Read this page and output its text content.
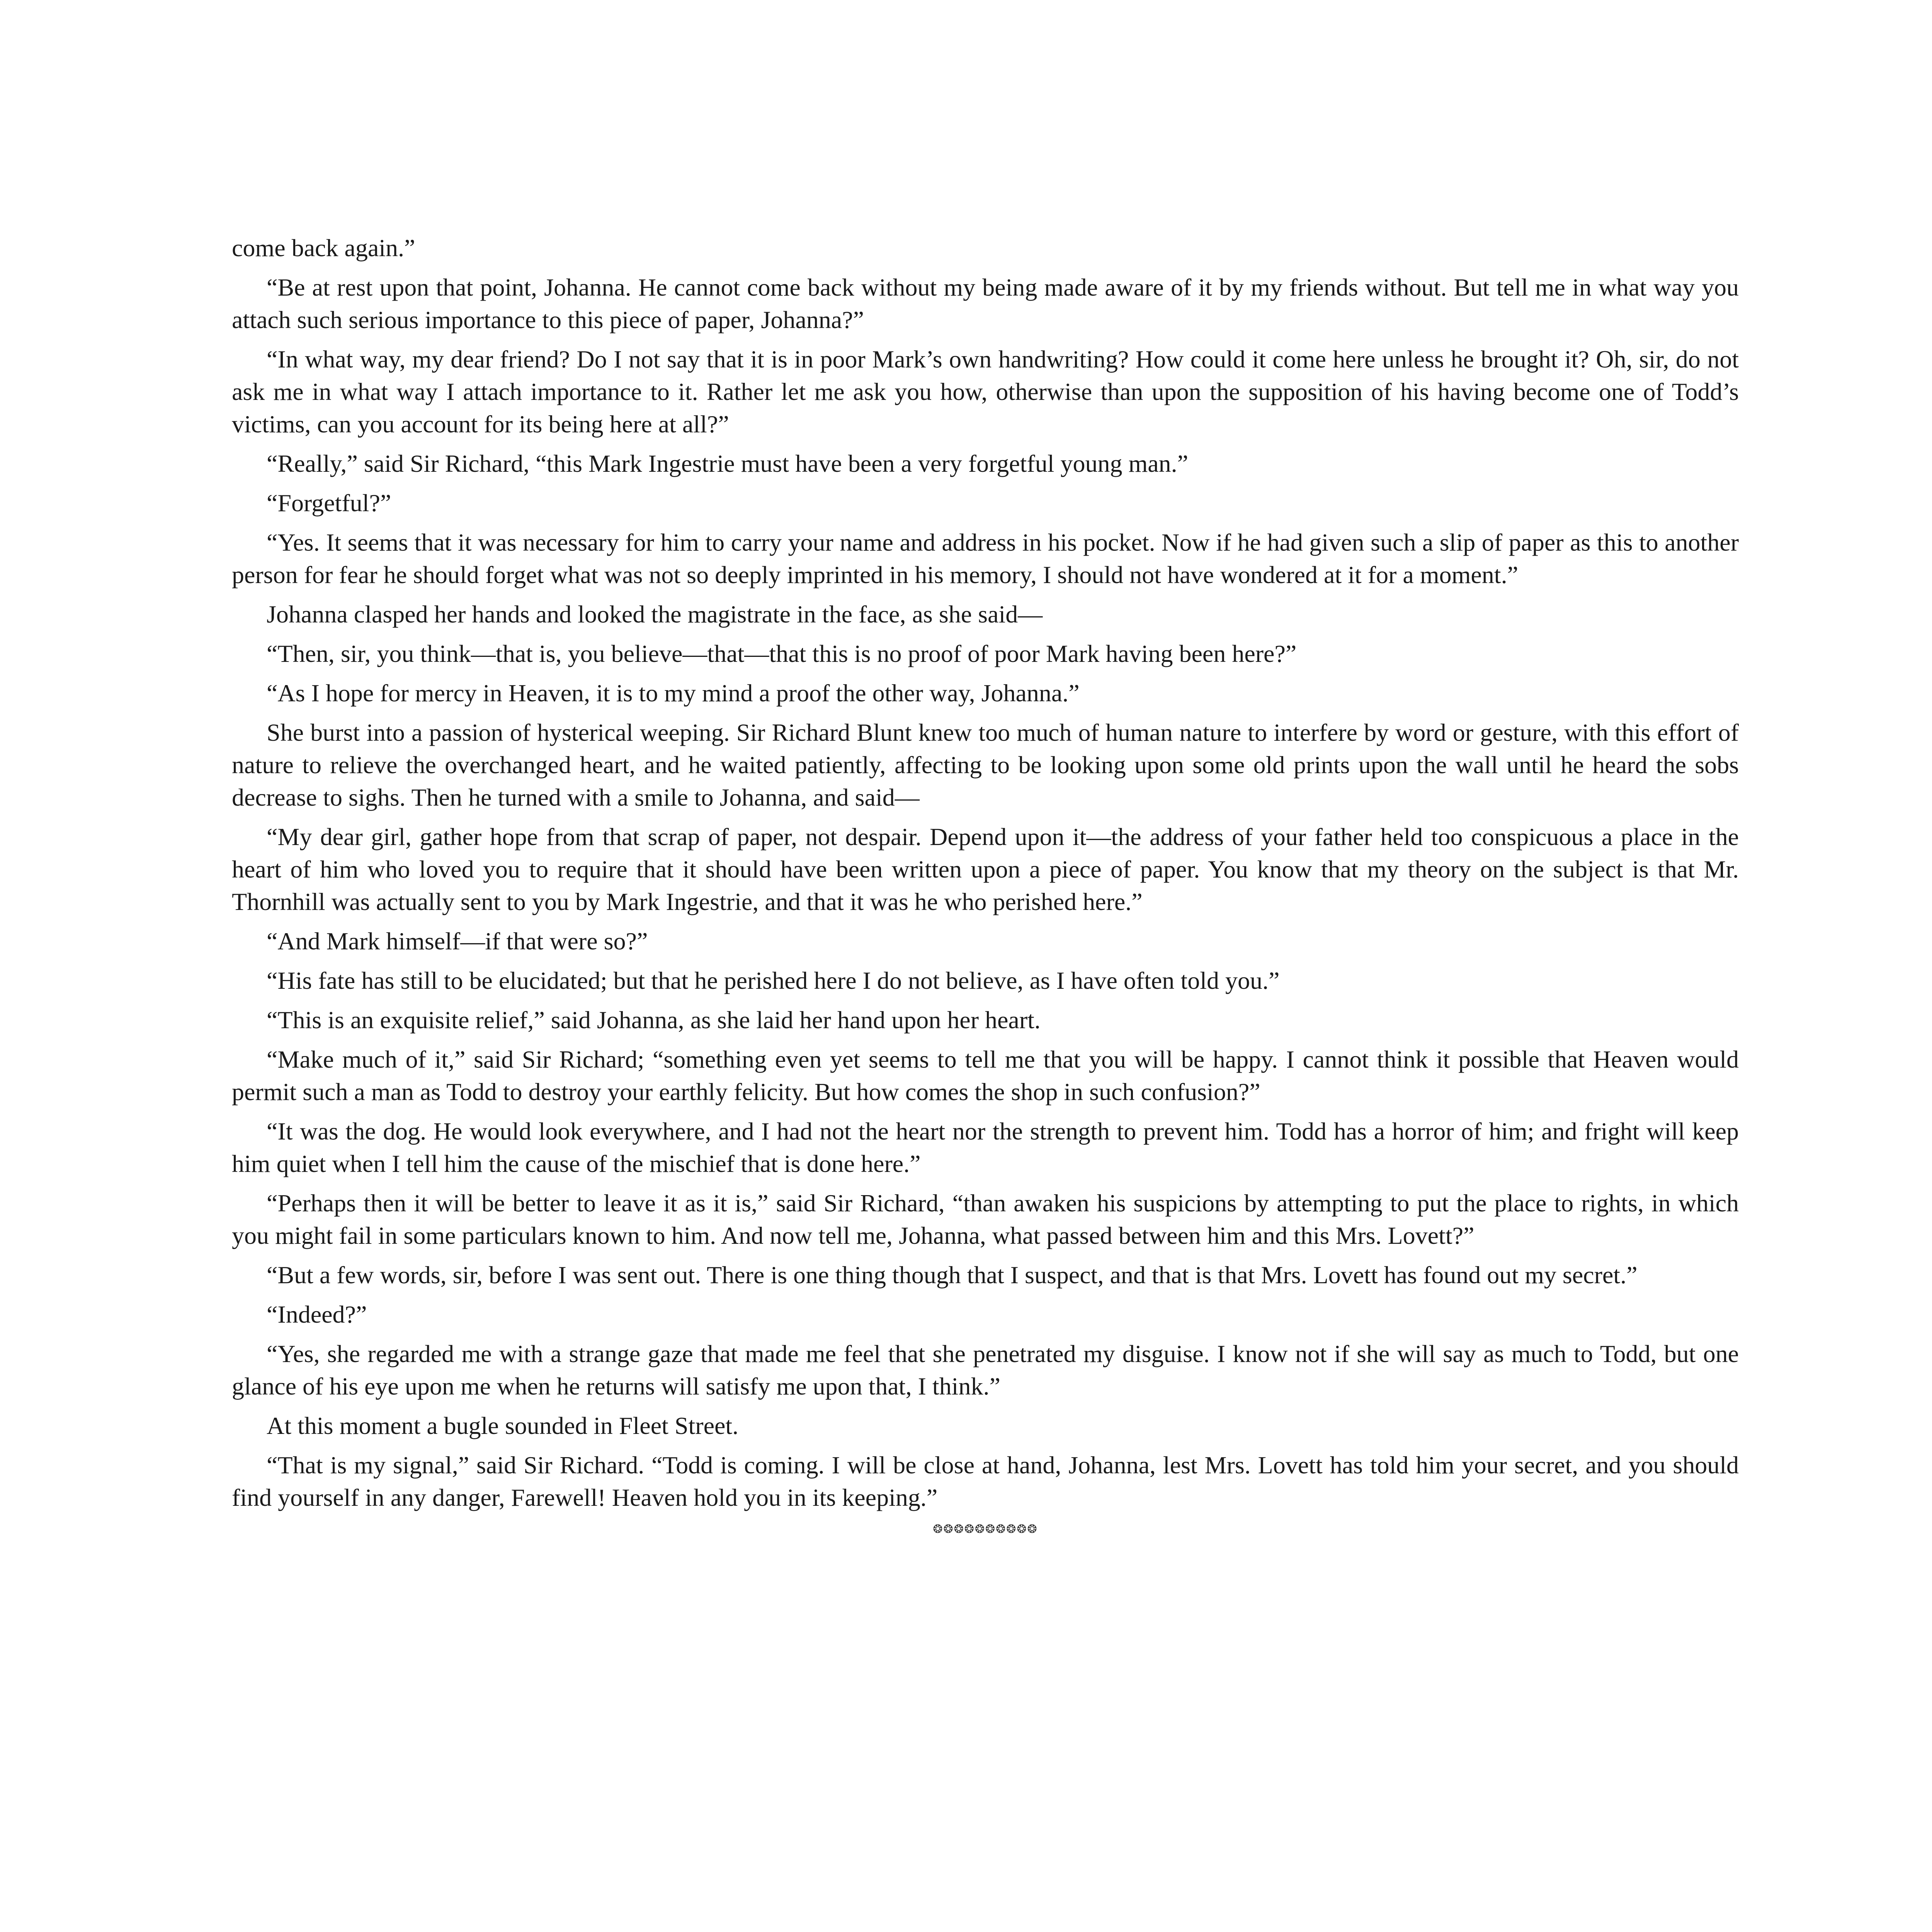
come back again.”

“Be at rest upon that point, Johanna. He cannot come back without my being made aware of it by my friends without. But tell me in what way you attach such serious importance to this piece of paper, Johanna?”

“In what way, my dear friend? Do I not say that it is in poor Mark’s own handwriting? How could it come here unless he brought it? Oh, sir, do not ask me in what way I attach importance to it. Rather let me ask you how, otherwise than upon the supposition of his having become one of Todd’s victims, can you account for its being here at all?”

“Really,” said Sir Richard, “this Mark Ingestrie must have been a very forgetful young man.”

“Forgetful?”

“Yes. It seems that it was necessary for him to carry your name and address in his pocket. Now if he had given such a slip of paper as this to another person for fear he should forget what was not so deeply imprinted in his memory, I should not have wondered at it for a moment.”

Johanna clasped her hands and looked the magistrate in the face, as she said—

“Then, sir, you think—that is, you believe—that—that this is no proof of poor Mark having been here?”

“As I hope for mercy in Heaven, it is to my mind a proof the other way, Johanna.”

She burst into a passion of hysterical weeping. Sir Richard Blunt knew too much of human nature to interfere by word or gesture, with this effort of nature to relieve the overchanged heart, and he waited patiently, affecting to be looking upon some old prints upon the wall until he heard the sobs decrease to sighs. Then he turned with a smile to Johanna, and said—

“My dear girl, gather hope from that scrap of paper, not despair. Depend upon it—the address of your father held too conspicuous a place in the heart of him who loved you to require that it should have been written upon a piece of paper. You know that my theory on the subject is that Mr. Thornhill was actually sent to you by Mark Ingestrie, and that it was he who perished here.”

“And Mark himself—if that were so?”

“His fate has still to be elucidated; but that he perished here I do not believe, as I have often told you.”

“This is an exquisite relief,” said Johanna, as she laid her hand upon her heart.

“Make much of it,” said Sir Richard; “something even yet seems to tell me that you will be happy. I cannot think it possible that Heaven would permit such a man as Todd to destroy your earthly felicity. But how comes the shop in such confusion?”

“It was the dog. He would look everywhere, and I had not the heart nor the strength to prevent him. Todd has a horror of him; and fright will keep him quiet when I tell him the cause of the mischief that is done here.”

“Perhaps then it will be better to leave it as it is,” said Sir Richard, “than awaken his suspicions by attempting to put the place to rights, in which you might fail in some particulars known to him. And now tell me, Johanna, what passed between him and this Mrs. Lovett?”

“But a few words, sir, before I was sent out. There is one thing though that I suspect, and that is that Mrs. Lovett has found out my secret.”

“Indeed?”

“Yes, she regarded me with a strange gaze that made me feel that she penetrated my disguise. I know not if she will say as much to Todd, but one glance of his eye upon me when he returns will satisfy me upon that, I think.”

At this moment a bugle sounded in Fleet Street.

“That is my signal,” said Sir Richard. “Todd is coming. I will be close at hand, Johanna, lest Mrs. Lovett has told him your secret, and you should find yourself in any danger, Farewell! Heaven hold you in its keeping.”

❂❂❂❂❂❂❂❂❂❂
